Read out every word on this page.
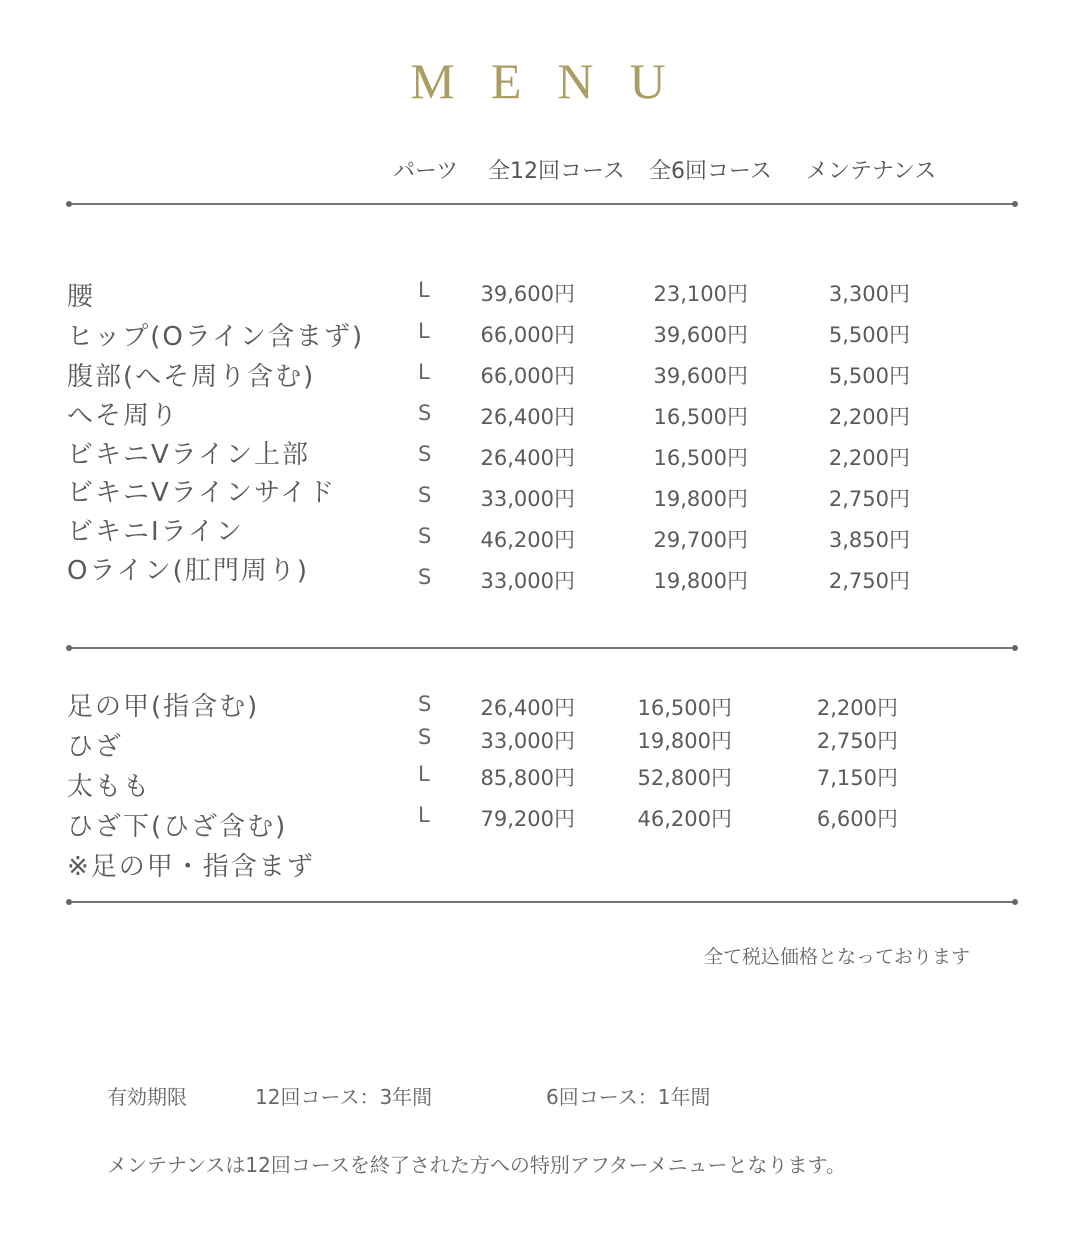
MENU
パーツ 全12回コース 全6回コース メンテナンス
腰	L	39,600円	23,100円	3,300円
ヒップ(Oライン含まず)	L	66,000円	39,600円	5,500円
腹部(へそ周り含む)	L	66,000円	39,600円	5,500円
へそ周り	S	26,400円	16,500円	2,200円
ビキニVライン上部	S	26,400円	16,500円	2,200円
ビキニVラインサイド	S	33,000円	19,800円	2,750円
ビキニIライン	S	46,200円	29,700円	3,850円
Oライン(肛門周り)	S	33,000円	19,800円	2,750円
足の甲(指含む)	S	26,400円	16,500円	2,200円
ひざ	S	33,000円	19,800円	2,750円
太もも	L	85,800円	52,800円	7,150円
ひざ下(ひざ含む)	L	79,200円	46,200円	6,600円
※足の甲・指含まず
全て税込価格となっております
有効期限	12回コース：3年間	6回コース：1年間
メンテナンスは12回コースを終了された方への特別アフターメニューとなります。
